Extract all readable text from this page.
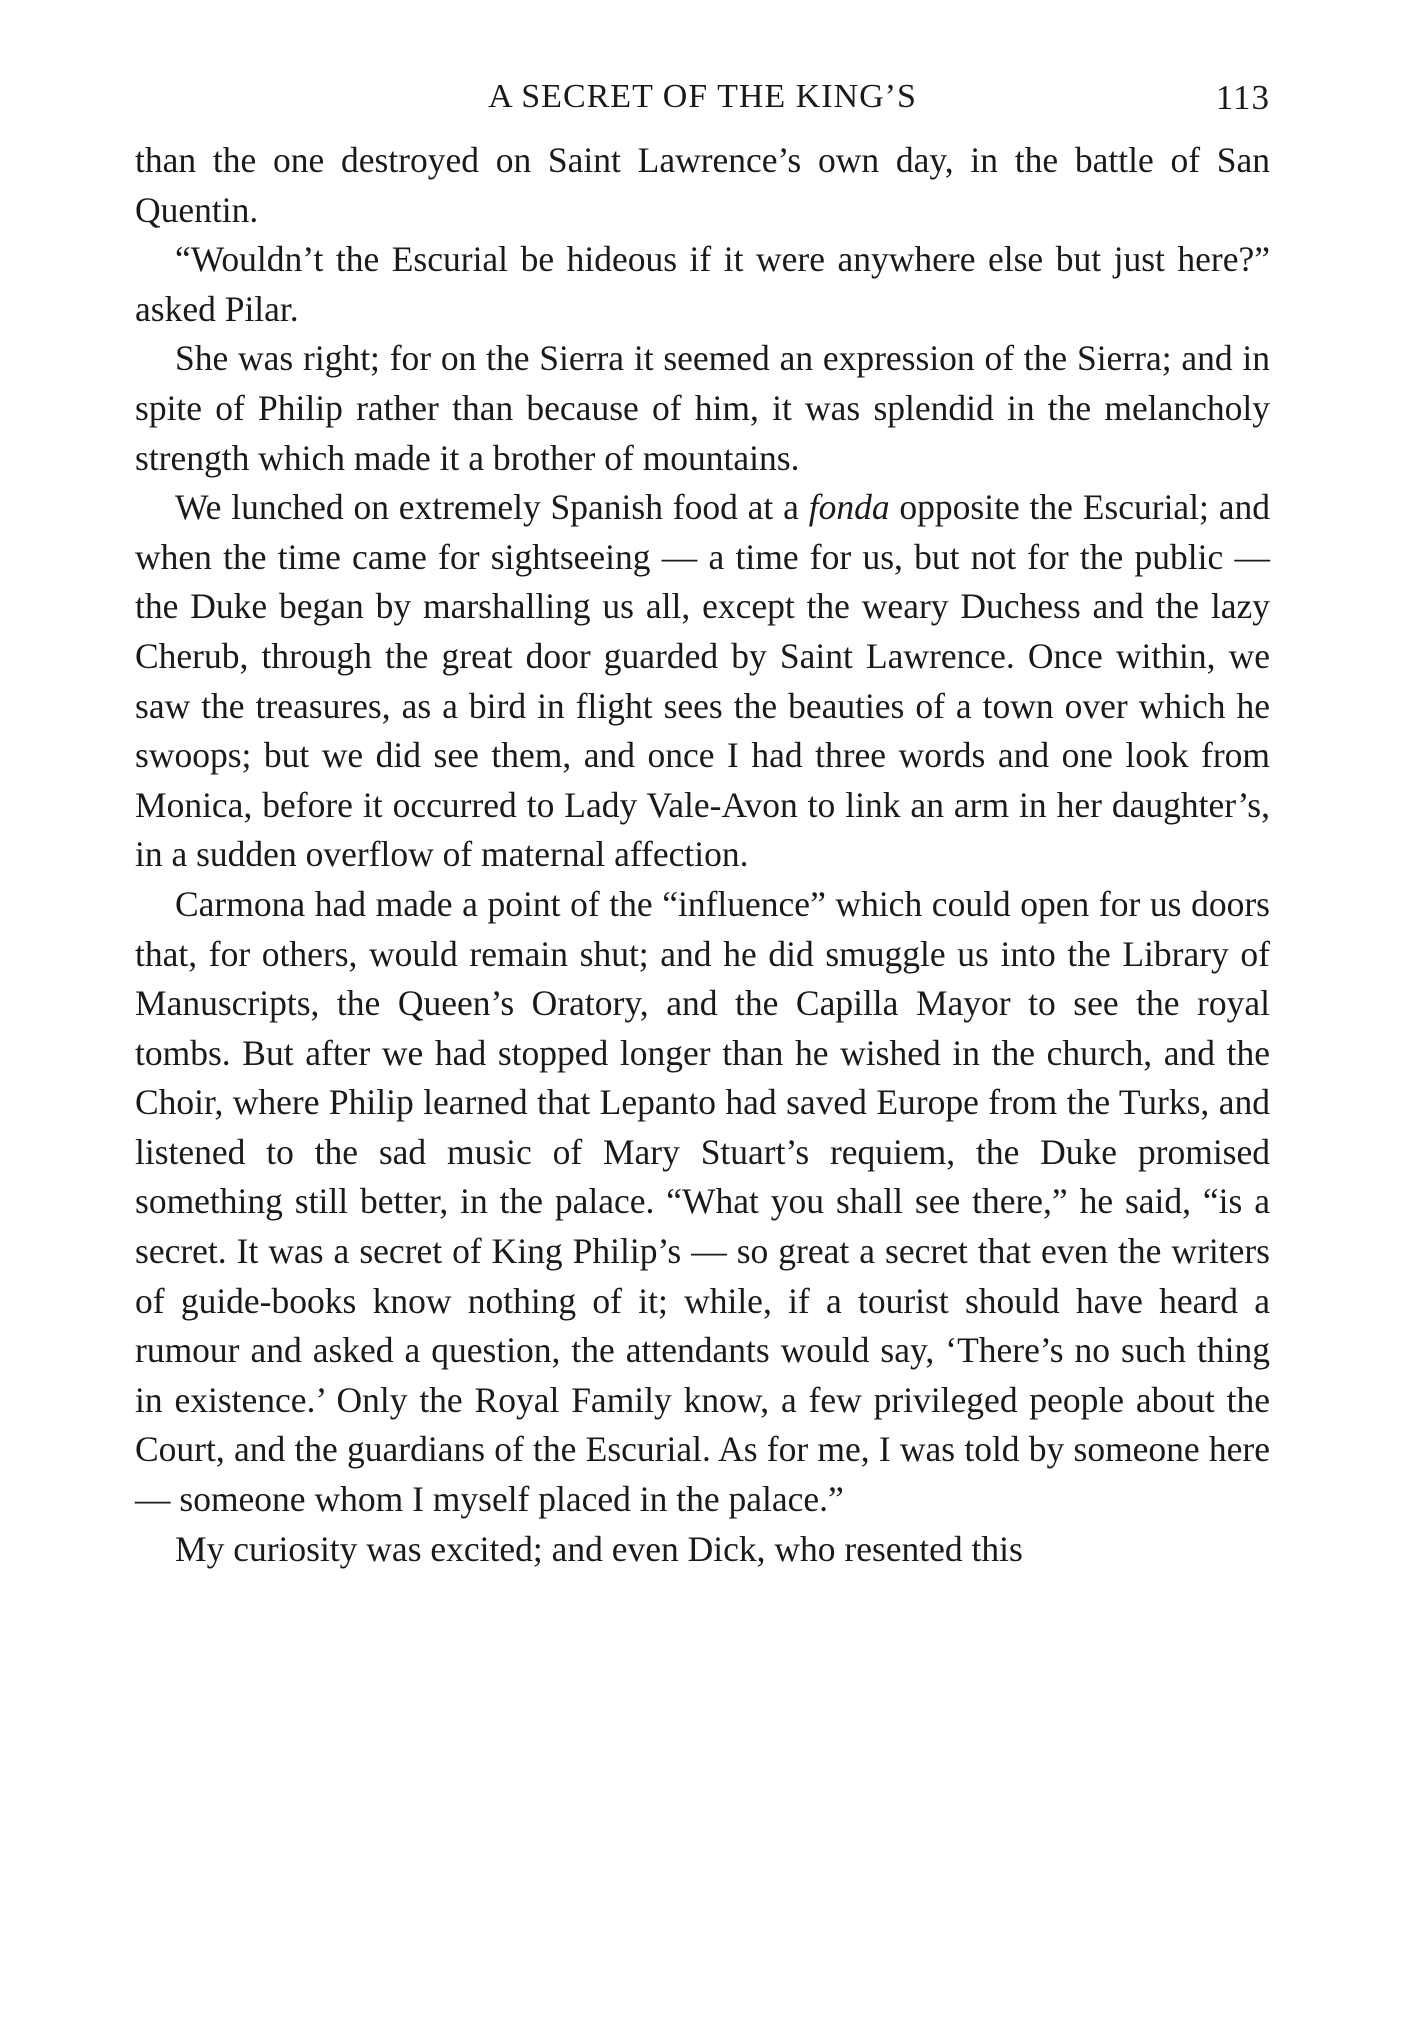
A SECRET OF THE KING’S	113

than the one destroyed on Saint Lawrence’s own day, in the battle of San Quentin.

“Wouldn’t the Escurial be hideous if it were anywhere else but just here?” asked Pilar.

She was right; for on the Sierra it seemed an expression of the Sierra; and in spite of Philip rather than because of him, it was splendid in the melancholy strength which made it a brother of mountains.

We lunched on extremely Spanish food at a fonda opposite the Escurial; and when the time came for sightseeing — a time for us, but not for the public — the Duke began by marshalling us all, except the weary Duchess and the lazy Cherub, through the great door guarded by Saint Lawrence. Once within, we saw the treasures, as a bird in flight sees the beauties of a town over which he swoops; but we did see them, and once I had three words and one look from Monica, before it occurred to Lady Vale-Avon to link an arm in her daughter’s, in a sudden overflow of maternal affection.

Carmona had made a point of the “influence” which could open for us doors that, for others, would remain shut; and he did smuggle us into the Library of Manuscripts, the Queen’s Oratory, and the Capilla Mayor to see the royal tombs. But after we had stopped longer than he wished in the church, and the Choir, where Philip learned that Lepanto had saved Europe from the Turks, and listened to the sad music of Mary Stuart’s requiem, the Duke promised something still better, in the palace. “What you shall see there,” he said, “is a secret. It was a secret of King Philip’s — so great a secret that even the writers of guide-books know nothing of it; while, if a tourist should have heard a rumour and asked a question, the attendants would say, ‘There’s no such thing in existence.’ Only the Royal Family know, a few privileged people about the Court, and the guardians of the Escurial. As for me, I was told by someone here — someone whom I myself placed in the palace.”

My curiosity was excited; and even Dick, who resented this
